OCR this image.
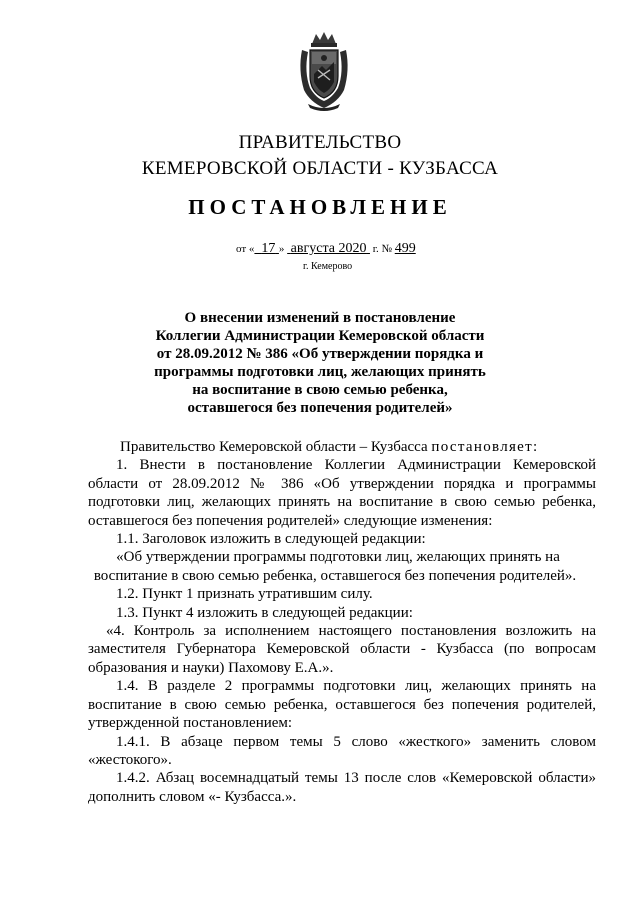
ПРАВИТЕЛЬСТВО
КЕМЕРОВСКОЙ ОБЛАСТИ - КУЗБАССА
ПОСТАНОВЛЕНИЕ
от « 17 »  августа 2020  г. № 499
г. Кемерово
О внесении изменений в постановление
Коллегии Администрации Кемеровской области
от 28.09.2012 № 386 «Об утверждении порядка и
программы подготовки лиц, желающих принять
на воспитание в свою семью ребенка,
оставшегося без попечения родителей»

Правительство Кемеровской области – Кузбасса постановляет:

1. Внести в постановление Коллегии Администрации Кемеровской области от 28.09.2012 № 386 «Об утверждении порядка и программы подготовки лиц, желающих принять на воспитание в свою семью ребенка, оставшегося без попечения родителей» следующие изменения:

1.1. Заголовок изложить в следующей редакции:

«Об утверждении программы подготовки лиц, желающих принять на

воспитание в свою семью ребенка, оставшегося без попечения родителей».

1.2. Пункт 1 признать утратившим силу.

1.3. Пункт 4 изложить в следующей редакции:

«4. Контроль за исполнением настоящего постановления возложить на заместителя Губернатора Кемеровской области - Кузбасса (по вопросам образования и науки) Пахомову Е.А.».

1.4. В разделе 2 программы подготовки лиц, желающих принять на воспитание в свою семью ребенка, оставшегося без попечения родителей, утвержденной постановлением:

1.4.1. В абзаце первом темы 5 слово «жесткого» заменить словом «жестокого».

1.4.2. Абзац восемнадцатый темы 13 после слов «Кемеровской области» дополнить словом «- Кузбасса.».
